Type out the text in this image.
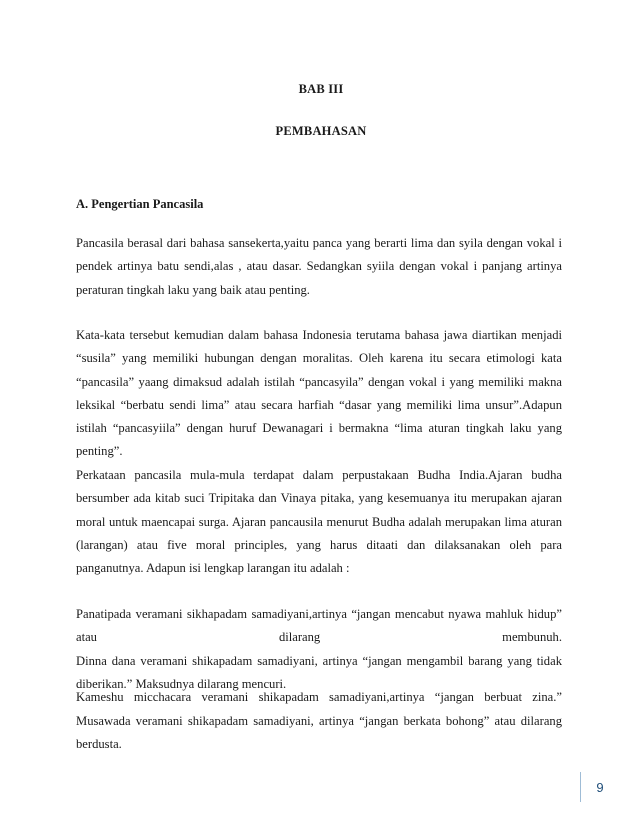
BAB III
PEMBAHASAN
A. Pengertian Pancasila

Pancasila berasal dari bahasa sansekerta,yaitu panca yang berarti lima dan syila dengan vokal i pendek artinya batu sendi,alas , atau dasar. Sedangkan syiila dengan vokal i panjang artinya peraturan tingkah laku yang baik atau penting.

Kata-kata tersebut kemudian dalam bahasa Indonesia terutama bahasa jawa diartikan menjadi “susila” yang memiliki hubungan dengan moralitas. Oleh karena itu secara etimologi kata “pancasila” yaang dimaksud adalah istilah “pancasyila” dengan vokal i yang memiliki makna leksikal “berbatu sendi lima” atau secara harfiah “dasar yang memiliki lima unsur”.Adapun istilah “pancasyiila” dengan huruf Dewanagari i bermakna “lima aturan tingkah laku yang penting”.

Perkataan pancasila mula-mula terdapat dalam perpustakaan Budha India.Ajaran budha bersumber ada kitab suci Tripitaka dan Vinaya pitaka, yang kesemuanya itu merupakan ajaran moral untuk maencapai surga. Ajaran pancausila menurut Budha adalah merupakan lima aturan (larangan) atau five moral principles, yang harus ditaati dan dilaksanakan oleh para panganutnya. Adapun isi lengkap larangan itu adalah :

Panatipada veramani sikhapadam samadiyani,artinya “jangan mencabut nyawa mahluk hidup” atau dilarang membunuh.

Dinna dana veramani shikapadam samadiyani, artinya “jangan mengambil barang yang tidak diberikan.” Maksudnya dilarang mencuri.

Kameshu micchacara veramani shikapadam samadiyani,artinya “jangan berbuat zina.”

Musawada veramani shikapadam samadiyani, artinya “jangan berkata bohong” atau dilarang berdusta.

9
